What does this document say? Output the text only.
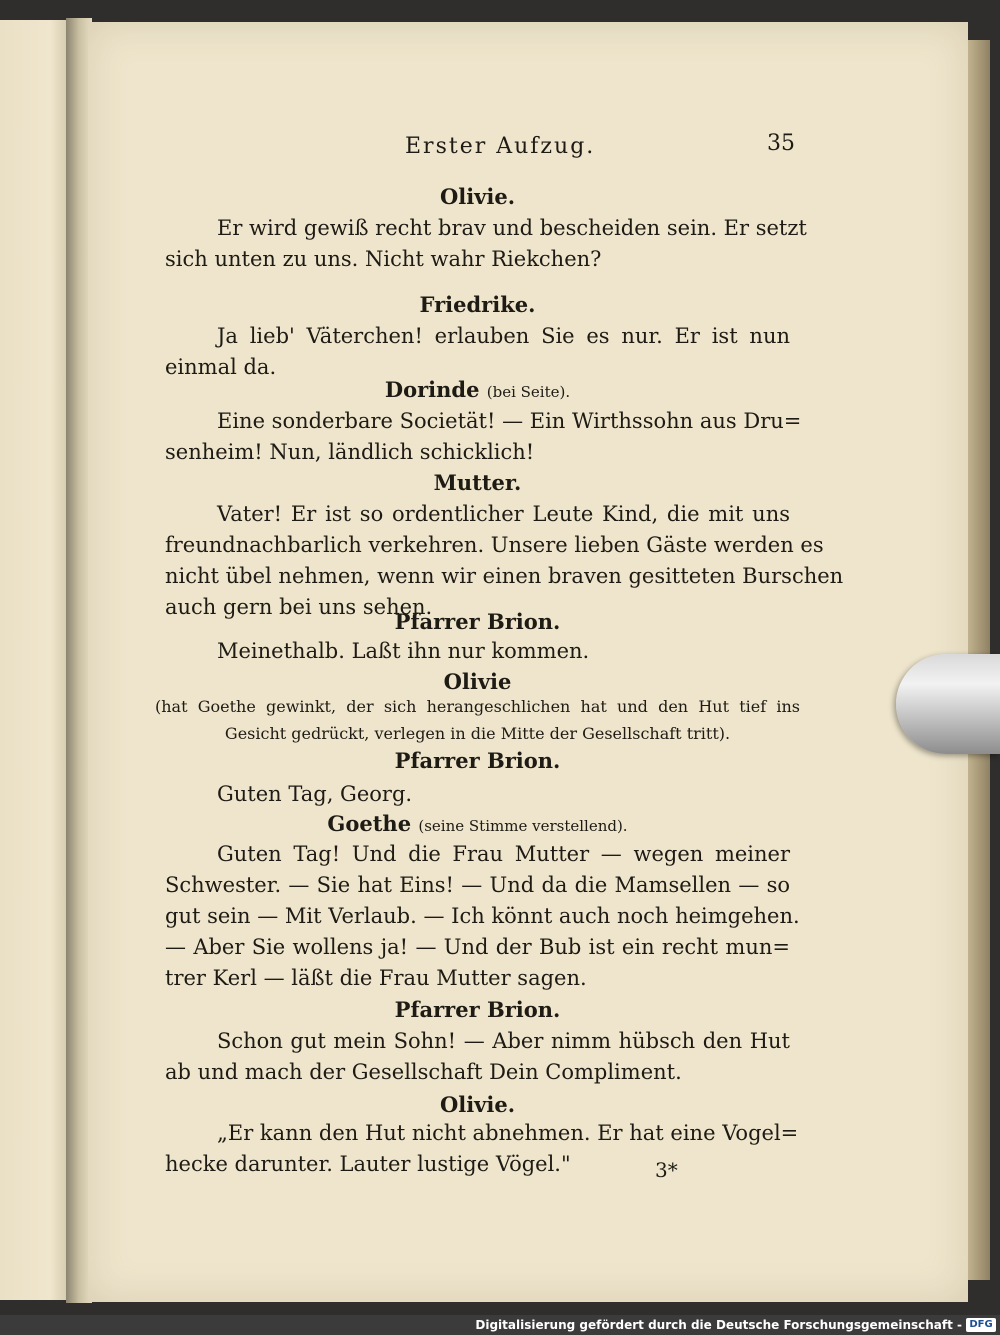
Erster Aufzug.	35
Olivie.
Er wird gewiß recht brav und bescheiden sein. Er setzt
sich unten zu uns. Nicht wahr Riekchen?
Friedrike.
Ja lieb' Väterchen! erlauben Sie es nur. Er ist nun
einmal da.
Dorinde (bei Seite).
Eine sonderbare Societät! — Ein Wirthssohn aus Dru=
senheim! Nun, ländlich schicklich!
Mutter.
Vater! Er ist so ordentlicher Leute Kind, die mit uns
freundnachbarlich verkehren. Unsere lieben Gäste werden es
nicht übel nehmen, wenn wir einen braven gesitteten Burschen
auch gern bei uns sehen.
Pfarrer Brion.
Meinethalb. Laßt ihn nur kommen.
Olivie
(hat Goethe gewinkt, der sich herangeschlichen hat und den Hut tief ins
Gesicht gedrückt, verlegen in die Mitte der Gesellschaft tritt).
Pfarrer Brion.
Guten Tag, Georg.
Goethe (seine Stimme verstellend).
Guten Tag! Und die Frau Mutter — wegen meiner
Schwester. — Sie hat Eins! — Und da die Mamsellen — so
gut sein — Mit Verlaub. — Ich könnt auch noch heimgehen.
— Aber Sie wollens ja! — Und der Bub ist ein recht mun=
trer Kerl — läßt die Frau Mutter sagen.
Pfarrer Brion.
Schon gut mein Sohn! — Aber nimm hübsch den Hut
ab und mach der Gesellschaft Dein Compliment.
Olivie.
„Er kann den Hut nicht abnehmen. Er hat eine Vogel=
hecke darunter. Lauter lustige Vögel."	3*
Digitalisierung gefördert durch die Deutsche Forschungsgemeinschaft - DFG
